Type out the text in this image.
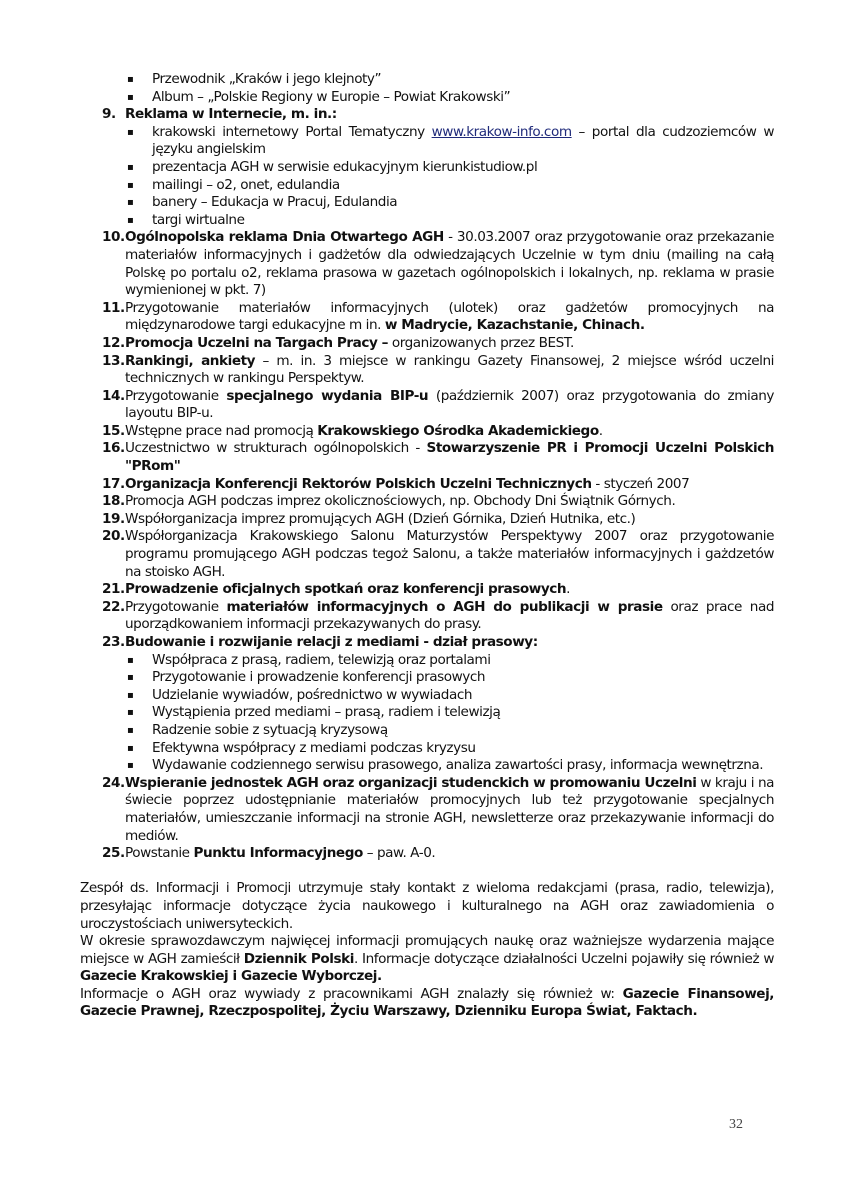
▪ Przewodnik „Kraków i jego klejnoty”
▪ Album – „Polskie Regiony w Europie – Powiat Krakowski”
9. Reklama w Internecie, m. in.:
▪ krakowski internetowy Portal Tematyczny www.krakow-info.com – portal dla cudzoziemców w języku angielskim
▪ prezentacja AGH w serwisie edukacyjnym kierunkistudiow.pl
▪ mailingi – o2, onet, edulandia
▪ banery – Edukacja w Pracuj, Edulandia
▪ targi wirtualne
10. Ogólnopolska reklama Dnia Otwartego AGH - 30.03.2007 oraz przygotowanie oraz przekazanie materiałów informacyjnych i gadżetów dla odwiedzających Uczelnie w tym dniu (mailing na całą Polskę po portalu o2, reklama prasowa w gazetach ogólnopolskich i lokalnych, np. reklama w prasie wymienionej w pkt. 7)
11. Przygotowanie materiałów informacyjnych (ulotek) oraz gadżetów promocyjnych na międzynarodowe targi edukacyjne m in. w Madrycie, Kazachstanie, Chinach.
12. Promocja Uczelni na Targach Pracy – organizowanych przez BEST.
13. Rankingi, ankiety – m. in. 3 miejsce w rankingu Gazety Finansowej, 2 miejsce wśród uczelni technicznych w rankingu Perspektyw.
14. Przygotowanie specjalnego wydania BIP-u (październik 2007) oraz przygotowania do zmiany layoutu BIP-u.
15. Wstępne prace nad promocją Krakowskiego Ośrodka Akademickiego.
16. Uczestnictwo w strukturach ogólnopolskich - Stowarzyszenie PR i Promocji Uczelni Polskich "PRom"
17. Organizacja Konferencji Rektorów Polskich Uczelni Technicznych - styczeń 2007
18. Promocja AGH podczas imprez okolicznościowych, np. Obchody Dni Świątnik Górnych.
19. Współorganizacja imprez promujących AGH (Dzień Górnika, Dzień Hutnika, etc.)
20. Współorganizacja Krakowskiego Salonu Maturzystów Perspektywy 2007 oraz przygotowanie programu promującego AGH podczas tegoż Salonu, a także materiałów informacyjnych i gażdzetów na stoisko AGH.
21. Prowadzenie oficjalnych spotkań oraz konferencji prasowych.
22. Przygotowanie materiałów informacyjnych o AGH do publikacji w prasie oraz prace nad uporządkowaniem informacji przekazywanych do prasy.
23. Budowanie i rozwijanie relacji z mediami - dział prasowy:
▪ Współpraca z prasą, radiem, telewizją oraz portalami
▪ Przygotowanie i prowadzenie konferencji prasowych
▪ Udzielanie wywiadów, pośrednictwo w wywiadach
▪ Wystąpienia przed mediami – prasą, radiem i telewizją
▪ Radzenie sobie z sytuacją kryzysową
▪ Efektywna współpracy z mediami podczas kryzysu
▪ Wydawanie codziennego serwisu prasowego, analiza zawartości prasy, informacja wewnętrzna.
24. Wspieranie jednostek AGH oraz organizacji studenckich w promowaniu Uczelni w kraju i na świecie poprzez udostępnianie materiałów promocyjnych lub też przygotowanie specjalnych materiałów, umieszczanie informacji na stronie AGH, newsletterze oraz przekazywanie informacji do mediów.
25. Powstanie Punktu Informacyjnego – paw. A-0.
Zespół ds. Informacji i Promocji utrzymuje stały kontakt z wieloma redakcjami (prasa, radio, telewizja), przesyłając informacje dotyczące życia naukowego i kulturalnego na AGH oraz zawiadomienia o uroczystościach uniwersyteckich.
W okresie sprawozdawczym najwięcej informacji promujących naukę oraz ważniejsze wydarzenia mające miejsce w AGH zamieścił Dziennik Polski. Informacje dotyczące działalności Uczelni pojawiły się również w Gazecie Krakowskiej i Gazecie Wyborczej.
Informacje o AGH oraz wywiady z pracownikami AGH znalazły się również w: Gazecie Finansowej, Gazecie Prawnej, Rzeczpospolitej, Życiu Warszawy, Dzienniku Europa Świat, Faktach.
32
